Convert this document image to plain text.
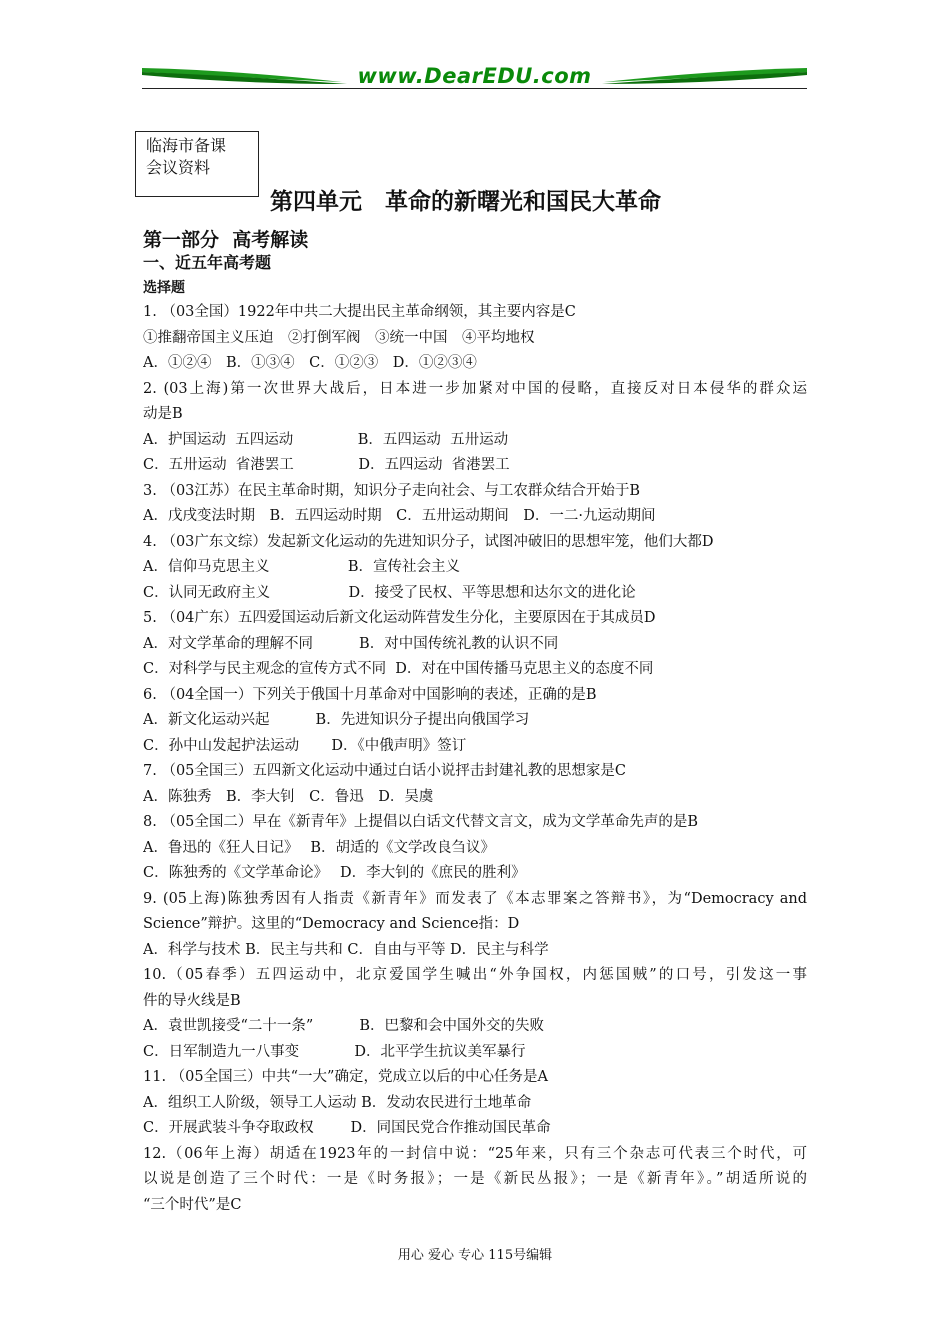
www.DearEDU.com
临海市备课
会议资料
第四单元　革命的新曙光和国民大革命
第一部分  高考解读
一、近五年高考题
选择题
1. （03全国）1922年中共二大提出民主革命纲领，其主要内容是C
①推翻帝国主义压迫　②打倒军阀　③统一中国　④平均地权
A．①②④　B．①③④　C．①②③　D．①②③④
2. (03上海)第一次世界大战后，日本进一步加紧对中国的侵略，直接反对日本侵华的群众运
动是B
A．护国运动  五四运动              B．五四运动  五卅运动
C．五卅运动  省港罢工              D．五四运动  省港罢工
3. （03江苏）在民主革命时期，知识分子走向社会、与工农群众结合开始于B
A．戊戌变法时期　B．五四运动时期　C．五卅运动期间　D．一二·九运动期间
4. （03广东文综）发起新文化运动的先进知识分子，试图冲破旧的思想牢笼，他们大都D
A．信仰马克思主义                 B．宣传社会主义
C．认同无政府主义                 D．接受了民权、平等思想和达尔文的进化论
5. （04广东）五四爱国运动后新文化运动阵营发生分化，主要原因在于其成员D
A．对文学革命的理解不同          B．对中国传统礼教的认识不同
C．对科学与民主观念的宣传方式不同  D．对在中国传播马克思主义的态度不同
6. （04全国一）下列关于俄国十月革命对中国影响的表述，正确的是B
A．新文化运动兴起          B．先进知识分子提出向俄国学习
C．孙中山发起护法运动       D．《中俄声明》签订
7. （05全国三）五四新文化运动中通过白话小说抨击封建礼教的思想家是C
A．陈独秀　B．李大钊　C．鲁迅　D．吴虞
8. （05全国二）早在《新青年》上提倡以白话文代替文言文，成为文学革命先声的是B
A．鲁迅的《狂人日记》　 B．胡适的《文学改良刍议》
C．陈独秀的《文学革命论》　 D．李大钊的《庶民的胜利》
9. (05上海)陈独秀因有人指责《新青年》而发表了《本志罪案之答辩书》，为“Democracy and
Science”辩护。这里的“Democracy and Science指：D
A．科学与技术 B．民主与共和 C．自由与平等 D．民主与科学
10.（05春季）五四运动中，北京爱国学生喊出“外争国权，内惩国贼”的口号，引发这一事
件的导火线是B
A．袁世凯接受“二十一条”          B．巴黎和会中国外交的失败
C．日军制造九一八事变            D．北平学生抗议美军暴行
11. （05全国三）中共“一大”确定，党成立以后的中心任务是A
A．组织工人阶级，领导工人运动 B．发动农民进行土地革命
C．开展武装斗争夺取政权        D．同国民党合作推动国民革命
12.（06年上海）胡适在1923年的一封信中说：“25年来，只有三个杂志可代表三个时代，可
以说是创造了三个时代：一是《时务报》；一是《新民丛报》；一是《新青年》。”胡适所说的
“三个时代”是C
用心 爱心 专心 115号编辑
